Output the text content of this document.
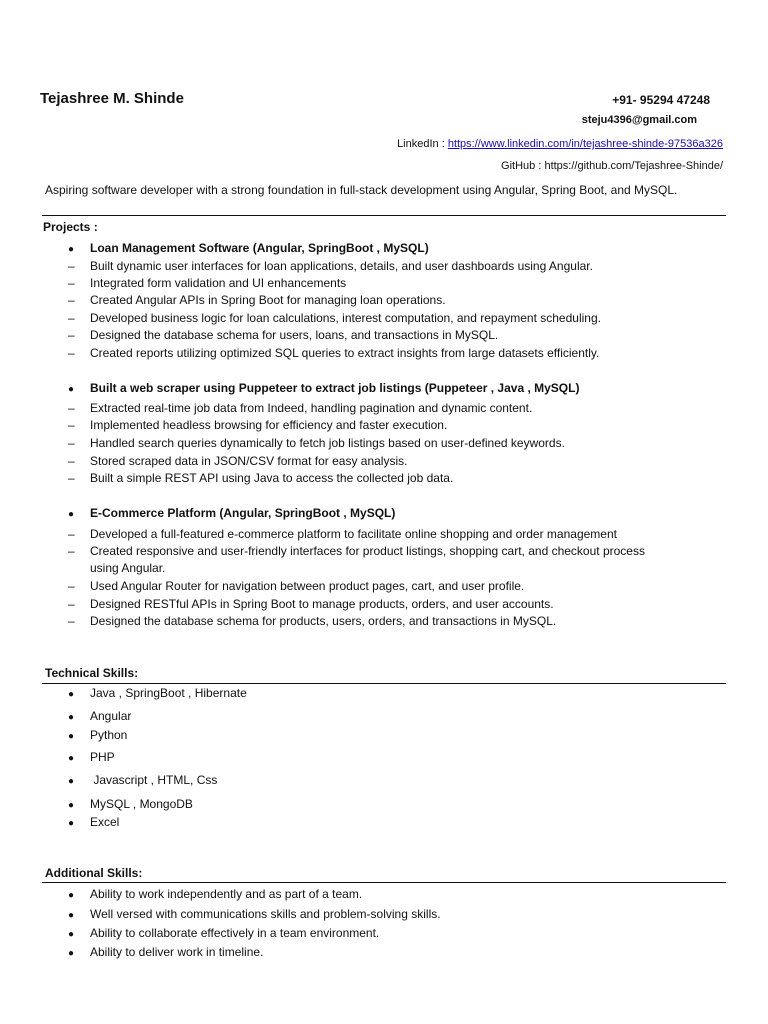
Tejashree M. Shinde	+91- 95294 47248
steju4396@gmail.com
LinkedIn : https://www.linkedin.com/in/tejashree-shinde-97536a326
GitHub : https://github.com/Tejashree-Shinde/
Aspiring software developer with a strong foundation in full-stack development using Angular, Spring Boot, and MySQL.
Projects :
● Loan Management Software (Angular, SpringBoot , MySQL)
– Built dynamic user interfaces for loan applications, details, and user dashboards using Angular.
– Integrated form validation and UI enhancements
– Created Angular APIs in Spring Boot for managing loan operations.
– Developed business logic for loan calculations, interest computation, and repayment scheduling.
– Designed the database schema for users, loans, and transactions in MySQL.
– Created reports utilizing optimized SQL queries to extract insights from large datasets efficiently.
● Built a web scraper using Puppeteer to extract job listings (Puppeteer , Java , MySQL)
– Extracted real-time job data from Indeed, handling pagination and dynamic content.
– Implemented headless browsing for efficiency and faster execution.
– Handled search queries dynamically to fetch job listings based on user-defined keywords.
– Stored scraped data in JSON/CSV format for easy analysis.
– Built a simple REST API using Java to access the collected job data.
● E-Commerce Platform (Angular, SpringBoot , MySQL)
– Developed a full-featured e-commerce platform to facilitate online shopping and order management
– Created responsive and user-friendly interfaces for product listings, shopping cart, and checkout process
using Angular.
– Used Angular Router for navigation between product pages, cart, and user profile.
– Designed RESTful APIs in Spring Boot to manage products, orders, and user accounts.
– Designed the database schema for products, users, orders, and transactions in MySQL.
Technical Skills:
● Java , SpringBoot , Hibernate
● Angular
● Python
● PHP
● Javascript , HTML, Css
● MySQL , MongoDB
● Excel
Additional Skills:
● Ability to work independently and as part of a team.
● Well versed with communications skills and problem-solving skills.
● Ability to collaborate effectively in a team environment.
● Ability to deliver work in timeline.
